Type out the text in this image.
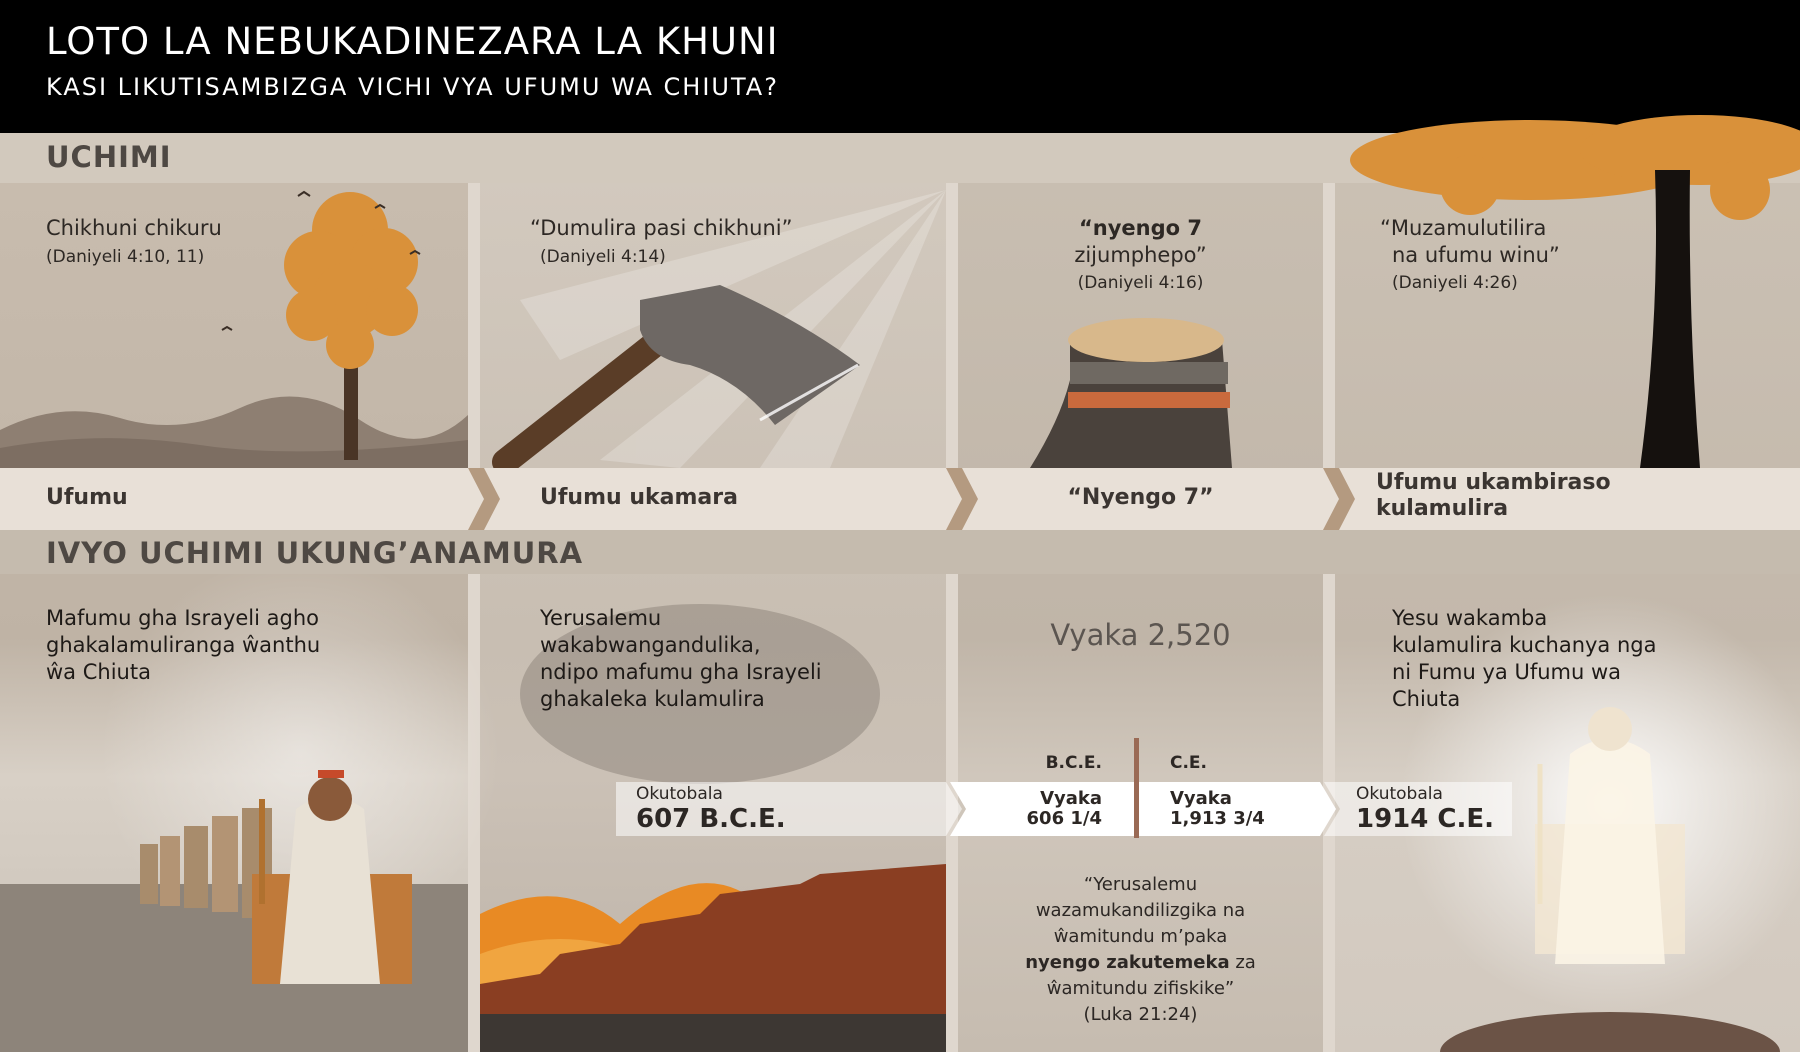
LOTO LA NEBUKADINEZARA LA KHUNI
KASI LIKUTISAMBIZGA VICHI VYA UFUMU WA CHIUTA?
UCHIMI
Chikhuni chikuru
(Daniyeli 4:10, 11)
“Dumulira pasi chikhuni”
(Daniyeli 4:14)
“nyengo 7
zijumphepo”
(Daniyeli 4:16)
“Muzamulutilira
na ufumu winu”
(Daniyeli 4:26)
Ufumu	Ufumu ukamara	“Nyengo 7”
Ufumu ukambiraso
kulamulira
IVYO UCHIMI UKUNG’ANAMURA
Mafumu gha Israyeli agho
ghakalamuliranga ŵanthu
ŵa Chiuta
Yerusalemu
wakabwangandulika,
ndipo mafumu gha Israyeli
ghakaleka kulamulira
Yesu wakamba
kulamulira kuchanya nga
ni Fumu ya Ufumu wa
Chiuta
Vyaka 2,520
Okutobala
607 B.C.E.
B.C.E.	C.E.
Vyaka
606 1/4
Vyaka
1,913 3/4
Okutobala
1914 C.E.
“Yerusalemu
wazamukandilizgika na
ŵamitundu m’paka
nyengo zakutemeka za
ŵamitundu zifiskike”
(Luka 21:24)
